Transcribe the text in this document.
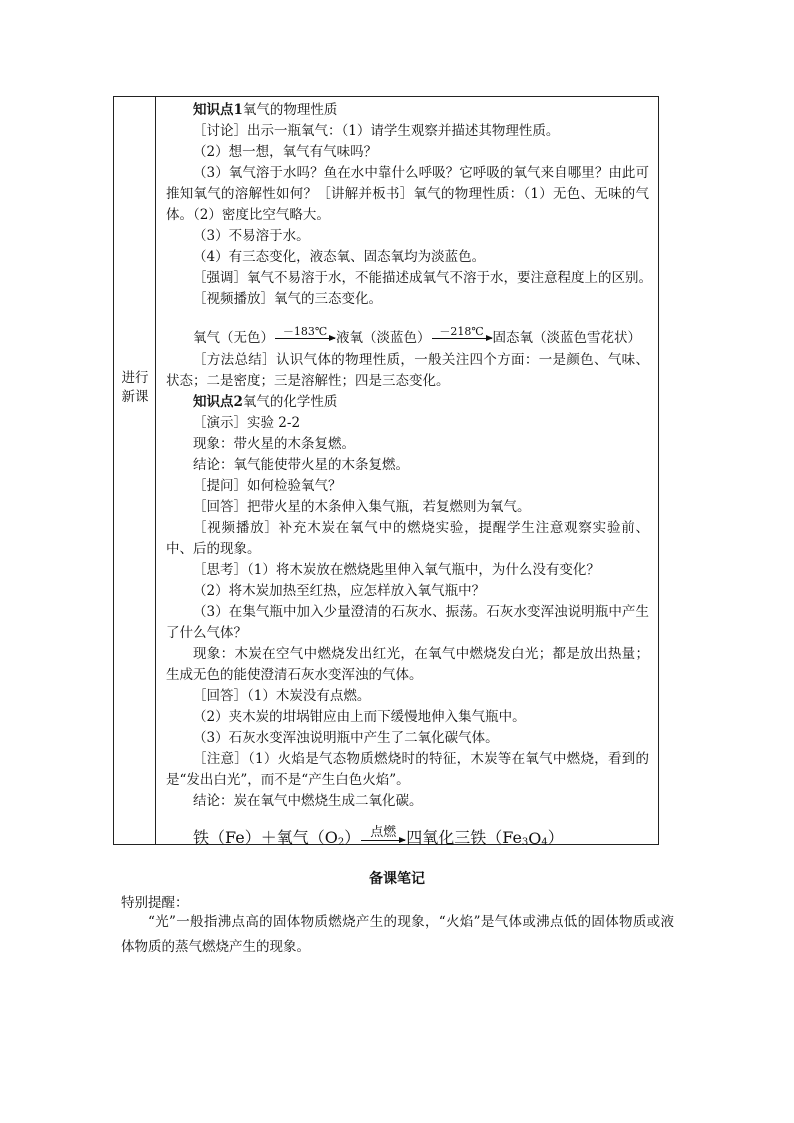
进行新课

知识点1氧气的物理性质

［讨论］出示一瓶氧气：（1）请学生观察并描述其物理性质。

（2）想一想，氧气有气味吗？

（3）氧气溶于水吗？鱼在水中靠什么呼吸？它呼吸的氧气来自哪里？由此可推知氧气的溶解性如何？［讲解并板书］氧气的物理性质：（1）无色、无味的气体。（2）密度比空气略大。

（3）不易溶于水。

（4）有三态变化，液态氧、固态氧均为淡蓝色。

［强调］氧气不易溶于水，不能描述成氧气不溶于水，要注意程度上的区别。

［视频播放］氧气的三态变化。

氧气（无色） －183℃ 液氧（淡蓝色） －218℃ 固态氧（淡蓝色雪花状）

［方法总结］认识气体的物理性质，一般关注四个方面：一是颜色、气味、状态；二是密度；三是溶解性；四是三态变化。

知识点2氧气的化学性质

［演示］实验 2-2

现象：带火星的木条复燃。

结论：氧气能使带火星的木条复燃。

［提问］如何检验氧气？

［回答］把带火星的木条伸入集气瓶，若复燃则为氧气。

［视频播放］补充木炭在氧气中的燃烧实验，提醒学生注意观察实验前、中、后的现象。

［思考］（1）将木炭放在燃烧匙里伸入氧气瓶中，为什么没有变化？

（2）将木炭加热至红热，应怎样放入氧气瓶中？

（3）在集气瓶中加入少量澄清的石灰水、振荡。石灰水变浑浊说明瓶中产生了什么气体？

现象：木炭在空气中燃烧发出红光，在氧气中燃烧发白光；都是放出热量；生成无色的能使澄清石灰水变浑浊的气体。

［回答］（1）木炭没有点燃。

（2）夹木炭的坩埚钳应由上而下缓慢地伸入集气瓶中。

（3）石灰水变浑浊说明瓶中产生了二氧化碳气体。

［注意］（1）火焰是气态物质燃烧时的特征，木炭等在氧气中燃烧，看到的是“发出白光”，而不是“产生白色火焰”。

结论：炭在氧气中燃烧生成二氧化碳。

铁（Fe）＋氧气（$O_2$ ） 点燃 四氧化三铁（$Fe_3$ $O_4$ ）
备课笔记
特别提醒：
“光”一般指沸点高的固体物质燃烧产生的现象，“火焰”是气体或沸点低的固体物质或液体物质的蒸气燃烧产生的现象。
